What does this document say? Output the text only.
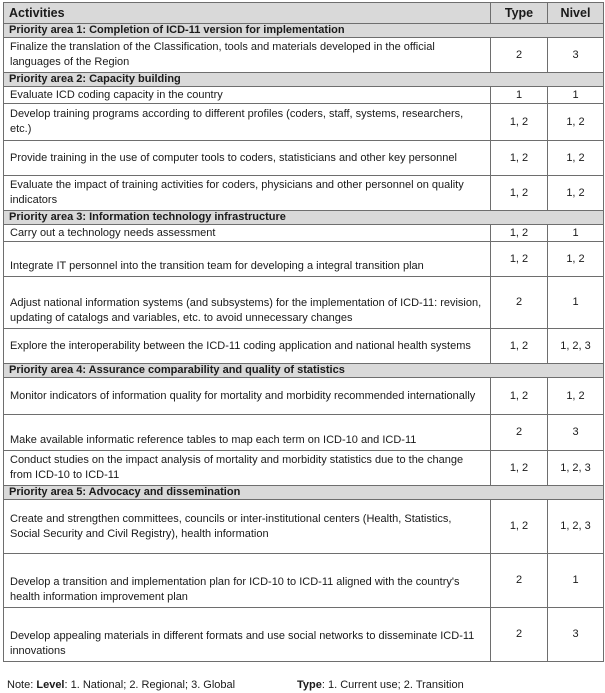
Activities	Type	Nivel
Priority area 1: Completion of ICD-11 version for implementation		
Finalize the translation of the Classification, tools and materials developed in the official languages of the Region	2	3
Priority area 2: Capacity building		
Evaluate ICD coding capacity in the country	1	1
Develop training programs according to different profiles (coders, staff, systems, researchers, etc.)	1, 2	1, 2
Provide training in the use of computer tools to coders, statisticians and other key personnel	1, 2	1, 2
Evaluate the impact of training activities for coders, physicians and other personnel on quality indicators	1, 2	1, 2
Priority area 3: Information technology infrastructure		
Carry out a technology needs assessment	1, 2	1
Integrate IT personnel into the transition team for developing a integral transition plan	1, 2	1, 2
Adjust national information systems (and subsystems) for the implementation of ICD-11: revision, updating of catalogs and variables, etc. to avoid unnecessary changes	2	1
Explore the interoperability between the ICD-11 coding application and national health systems	1, 2	1, 2, 3
Priority area 4: Assurance comparability and quality of statistics		
Monitor indicators of information quality for mortality and morbidity recommended internationally	1, 2	1, 2
Make available informatic reference tables to map each term on ICD-10 and ICD-11	2	3
Conduct studies on the impact analysis of mortality and morbidity statistics due to the change from ICD-10 to ICD-11	1, 2	1, 2, 3
Priority area 5: Advocacy and dissemination		
Create and strengthen committees, councils or inter-institutional centers (Health, Statistics, Social Security and Civil Registry), health information	1, 2	1, 2, 3
Develop a transition and implementation plan for ICD-10 to ICD-11 aligned with the country's health information improvement plan	2	1
Develop appealing materials in different formats and use social networks to disseminate ICD-11 innovations	2	3
Note: Level: 1. National; 2. Regional; 3. Global	Type: 1. Current use; 2. Transition
